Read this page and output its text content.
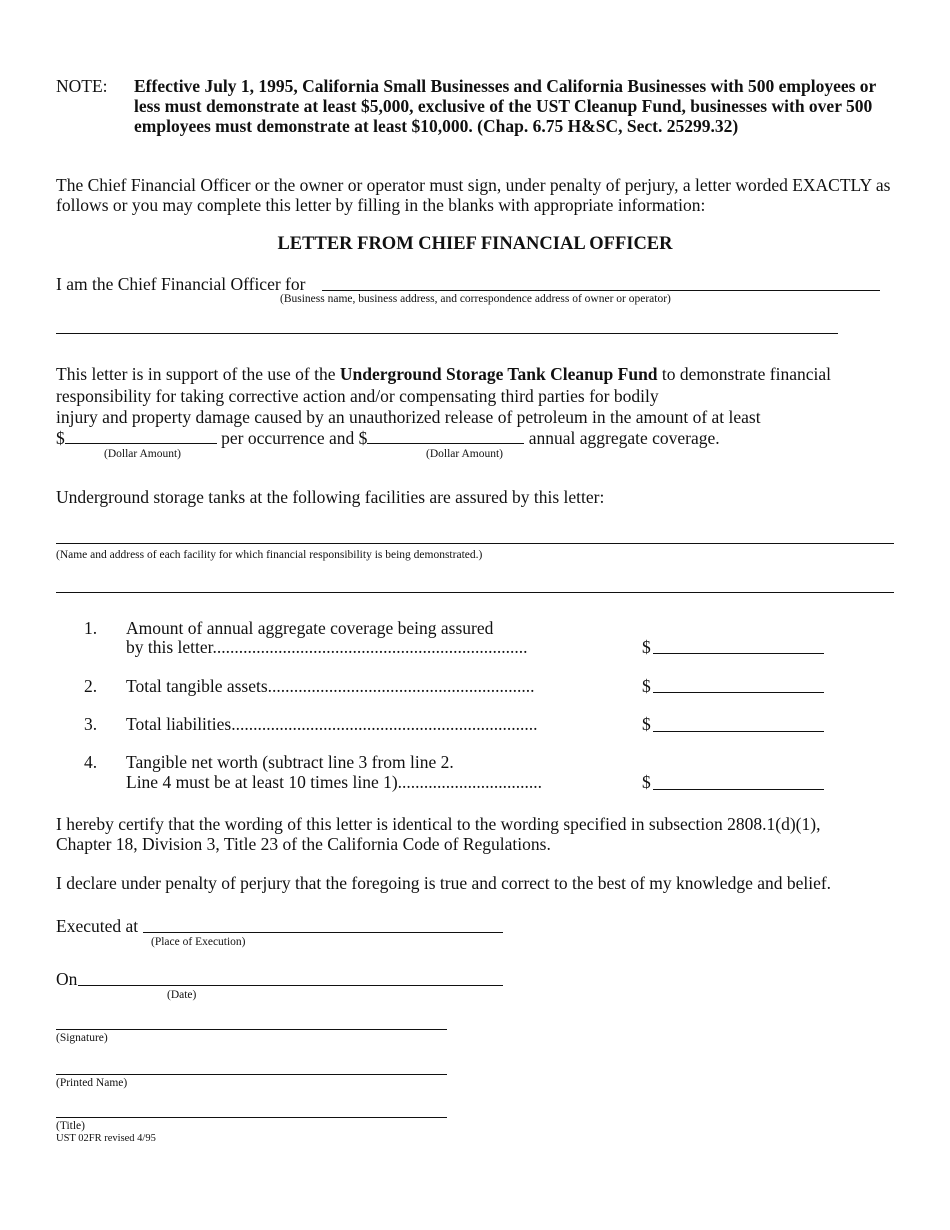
NOTE: Effective July 1, 1995, California Small Businesses and California Businesses with 500 employees or less must demonstrate at least $5,000, exclusive of the UST Cleanup Fund, businesses with over 500 employees must demonstrate at least $10,000. (Chap. 6.75 H&SC, Sect. 25299.32)
The Chief Financial Officer or the owner or operator must sign, under penalty of perjury, a letter worded EXACTLY as follows or you may complete this letter by filling in the blanks with appropriate information:
LETTER FROM CHIEF FINANCIAL OFFICER
I am the Chief Financial Officer for
(Business name, business address, and correspondence address of owner or operator)
This letter is in support of the use of the Underground Storage Tank Cleanup Fund to demonstrate financial
responsibility for taking corrective action and/or compensating third parties for bodily
injury and property damage caused by an unauthorized release of petroleum in the amount of at least
$	per occurrence and $	annual aggregate coverage.
(Dollar Amount)	(Dollar Amount)
Underground storage tanks at the following facilities are assured by this letter:
(Name and address of each facility for which financial responsibility is being demonstrated.)
1. Amount of annual aggregate coverage being assured
by this letter........................................................................	$
2. Total tangible assets.............................................................	$
3. Total liabilities......................................................................	$
4. Tangible net worth (subtract line 3 from line 2.
Line 4 must be at least 10 times line 1).................................	$
I hereby certify that the wording of this letter is identical to the wording specified in subsection 2808.1(d)(1),
Chapter 18, Division 3, Title 23 of the California Code of Regulations.
I declare under penalty of perjury that the foregoing is true and correct to the best of my knowledge and belief.
Executed at
(Place of Execution)
On
(Date)
(Signature)
(Printed Name)
(Title)
UST 02FR revised 4/95
